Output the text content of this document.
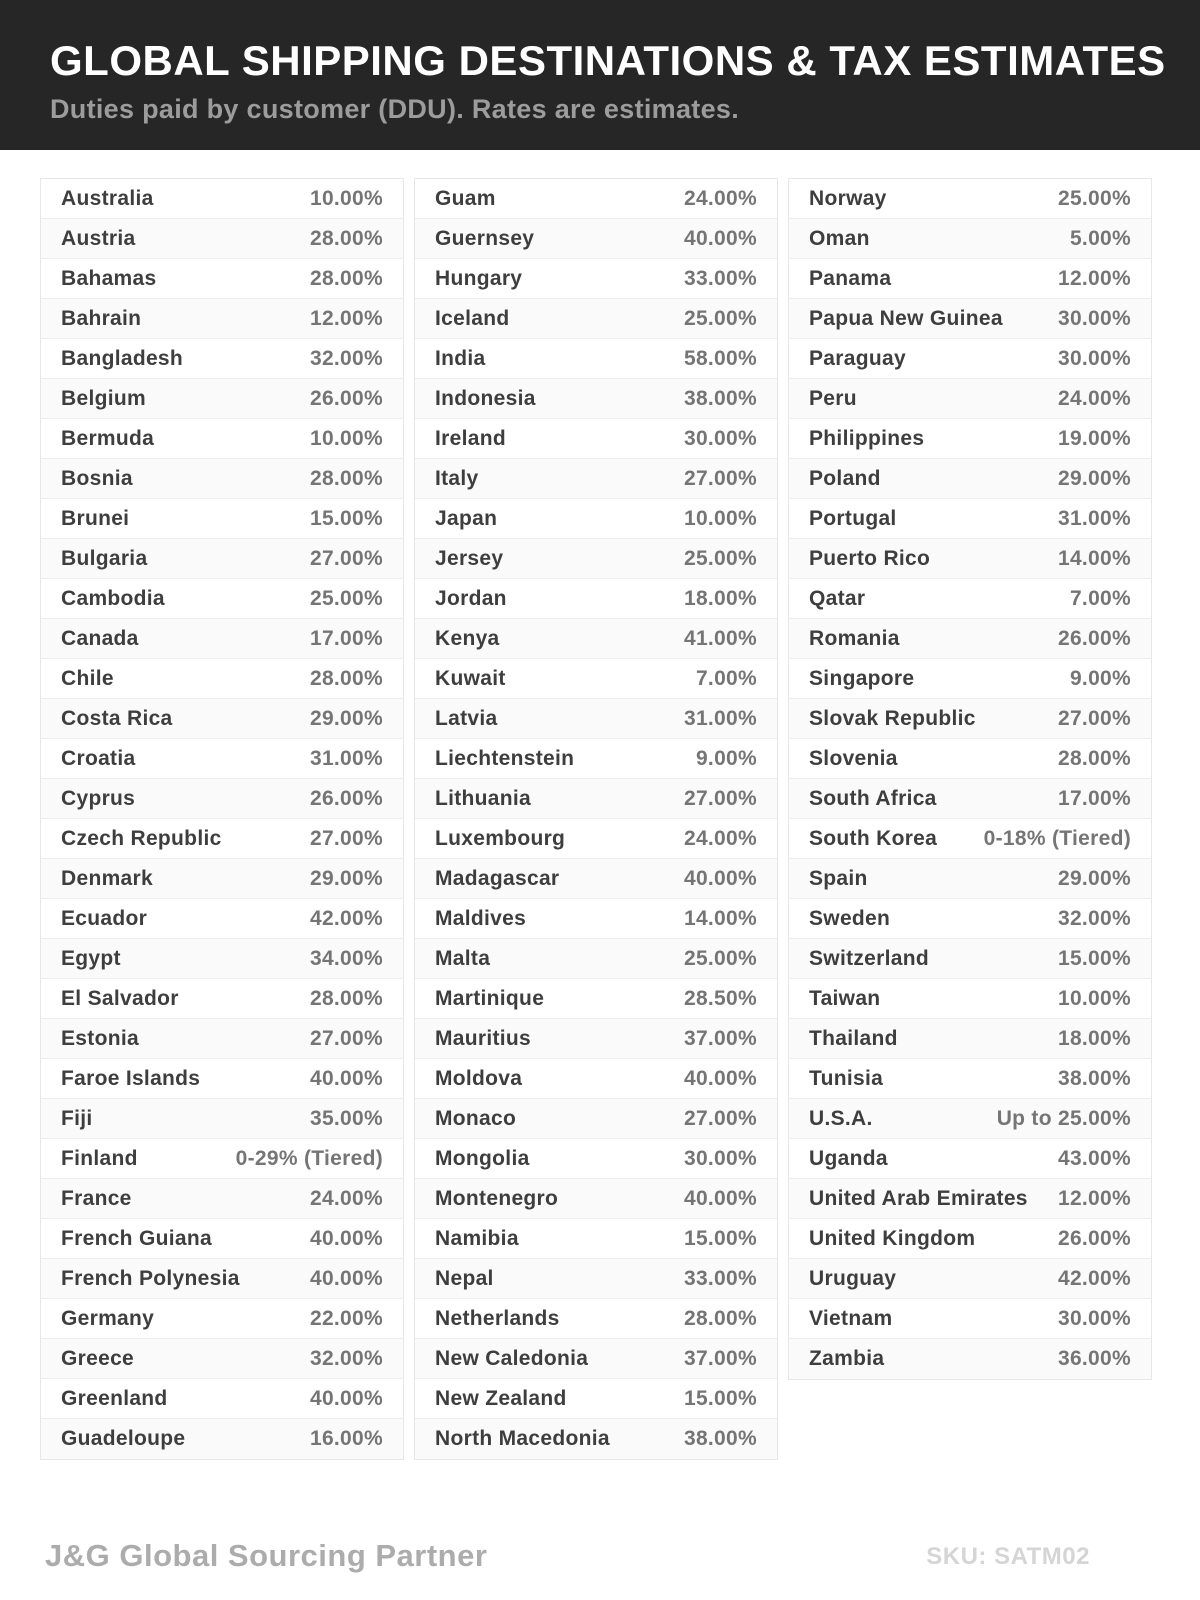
GLOBAL SHIPPING DESTINATIONS & TAX ESTIMATES

Duties paid by customer (DDU). Rates are estimates.

Australia	10.00%
Austria	28.00%
Bahamas	28.00%
Bahrain	12.00%
Bangladesh	32.00%
Belgium	26.00%
Bermuda	10.00%
Bosnia	28.00%
Brunei	15.00%
Bulgaria	27.00%
Cambodia	25.00%
Canada	17.00%
Chile	28.00%
Costa Rica	29.00%
Croatia	31.00%
Cyprus	26.00%
Czech Republic	27.00%
Denmark	29.00%
Ecuador	42.00%
Egypt	34.00%
El Salvador	28.00%
Estonia	27.00%
Faroe Islands	40.00%
Fiji	35.00%
Finland	0-29% (Tiered)
France	24.00%
French Guiana	40.00%
French Polynesia	40.00%
Germany	22.00%
Greece	32.00%
Greenland	40.00%
Guadeloupe	16.00%
Guam	24.00%
Guernsey	40.00%
Hungary	33.00%
Iceland	25.00%
India	58.00%
Indonesia	38.00%
Ireland	30.00%
Italy	27.00%
Japan	10.00%
Jersey	25.00%
Jordan	18.00%
Kenya	41.00%
Kuwait	7.00%
Latvia	31.00%
Liechtenstein	9.00%
Lithuania	27.00%
Luxembourg	24.00%
Madagascar	40.00%
Maldives	14.00%
Malta	25.00%
Martinique	28.50%
Mauritius	37.00%
Moldova	40.00%
Monaco	27.00%
Mongolia	30.00%
Montenegro	40.00%
Namibia	15.00%
Nepal	33.00%
Netherlands	28.00%
New Caledonia	37.00%
New Zealand	15.00%
North Macedonia	38.00%
Norway	25.00%
Oman	5.00%
Panama	12.00%
Papua New Guinea	30.00%
Paraguay	30.00%
Peru	24.00%
Philippines	19.00%
Poland	29.00%
Portugal	31.00%
Puerto Rico	14.00%
Qatar	7.00%
Romania	26.00%
Singapore	9.00%
Slovak Republic	27.00%
Slovenia	28.00%
South Africa	17.00%
South Korea 0-18% (Tiered)
Spain	29.00%
Sweden	32.00%
Switzerland	15.00%
Taiwan	10.00%
Thailand	18.00%
Tunisia	38.00%
U.S.A.	Up to 25.00%
Uganda	43.00%
United Arab Emirates 12.00%
United Kingdom	26.00%
Uruguay	42.00%
Vietnam	30.00%
Zambia	36.00%
J&G Global Sourcing Partner	SKU: SATM02
